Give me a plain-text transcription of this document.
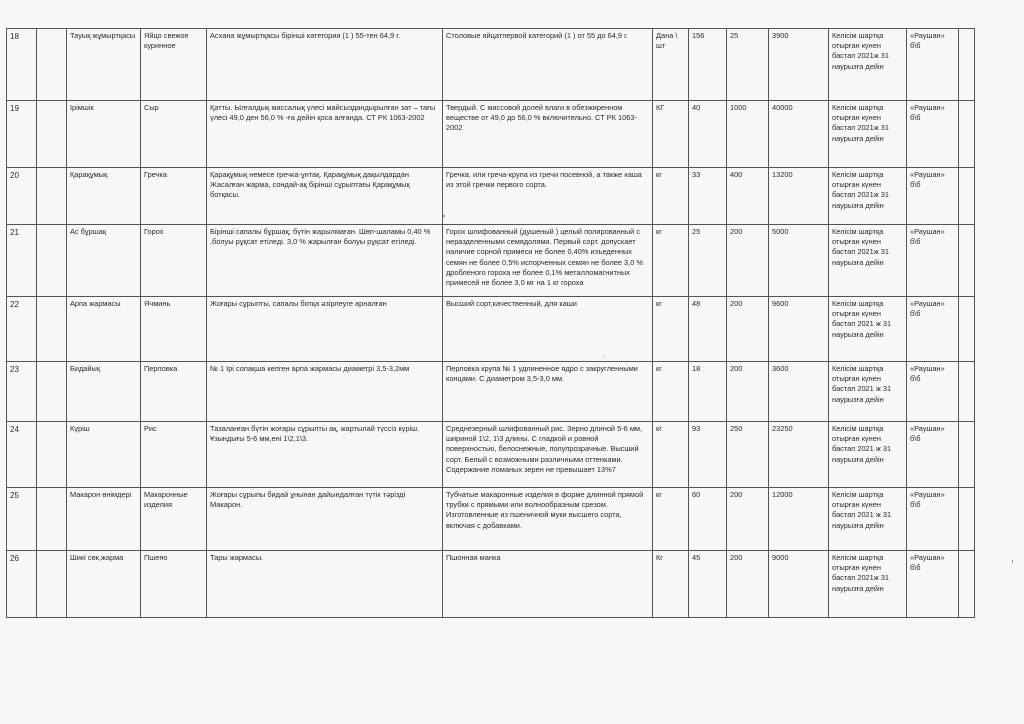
18		Тауық жұмыртқасы	Яйцо свежое куринное	Асхана жұмыртқасы бірінші категория (1 ) 55-тен 64,9 г.	Столовые яйцатпервой категорий (1 ) от 55 до 64,9 г.	Дана \ шт	156	25	3900	Келісім шартқа отырған күнен бастап 2021ж 31 наурызға дейін	«Раушан» б\б	
19		Ірімшік	Сыр	Қатты. Ылғалдық массалық үлесі майсыздандырылған зат – тағы үлесі 49,0 ден 56,0 % -ға дейін қоса алғанда. СТ РК 1063-2002	Твердый. С массовой долей влаги в обезжиренном веществе от 49,0 до 56,0 % включительно. СТ РК 1063-2002	КГ	40	1000	40000	Келісім шартқа отырған күнен бастап 2021ж 31 наурызға дейін	«Раушан» б\б	
20		Қарақұмық	Гречка	Қарақұмық немесе гречка-ұнтақ. Қарақұмық дақылдардан Жасалған жарма, сондай-ақ бірінші сұрыптағы Қарақұмық ботқасы.	Гречка, или греча-крупа из гречи посевной, а также каша из этой гречки первого сорта.	кг	33	400	13200	Келісім шартқа отырған күнен бастап 2021ж 31 наурызға дейін	«Раушан» б\б	
21		Ас бұршақ	Горох	Бірінші сапалы бұршақ, бүтін жарылмаған. Шөп-шаламы 0,40 % ,болуы рұқсат етіледі. 3,0 % жарылған болуы рұқсат етіледі.	Горох шлифованный (душеный ) целый полированный с неразделенными семядолями. Первый сорт. допускает наличие сорной примеси не более 0,40% изъеденных семян не более 0,5% испорченных семян не более 3,0 % дробленого гороха не более 0,1% металломагнитных примесей не более 3,0 мг на 1 кг гороха	кг	25	200	5000	Келісім шартқа отырған күнен бастап 2021ж 31 наурызға дейін	«Раушан» б\б	
22		Арпа жармасы	Ячминь	Жоғары сұрыпты, сапалы ботқа әзірлеуге арналған	Высший сорт,качественный, для каши	кг	48	200	9600	Келісім шартқа отырған күнен бастап 2021 ж 31 наурызға дейін	«Раушан» б\б	
23		Бидайық	Перловка	№ 1 Ірі сопақша келген арпа жармасы диаметрі 3,5-3,2мм	Перловка крупа № 1 удлиненное ядро с закругленными концами. С диаметром 3,5-3,0 мм.	кг	18	200	3600	Келісім шартқа отырған күнен бастап 2021 ж 31 наурызға дейін	«Раушан» б\б	
24		Күріш	Рис	Тазаланған бүтін жоғары сұрыпты ақ, жартылай түссіз күріш. Ұзындығы 5-6 мм,ені 1\2,1\3.	Среднезерный шлифованный рис. Зерно длиной 5-6 мм, шириной 1\2, 1\3 длины. С гладкой и ровной поверхностью, белоснежные, полупрозрачные. Высший сорт. Белый с возможными различными оттенками. Содержание ломаных зерен не превышает 13%7	кг	93	250	23250	Келісім шартқа отырған күнен бастап 2021 ж 31 наурызға дейін	«Раушан» б\б	
25		Макарон өнімдері	Макаронные изделия	Жоғары сұрыпы бидай ұнынан дайындалған түтік тәрізді Макарон.	Тубчатые макаронные изделия в форме длинной прямой трубки с прямыми или волнообразным срезом. Изготовленные из пшеничной муки высшего сорта, включая с добавками.	кг	60	200	12000	Келісім шартқа отырған күнен бастап 2021 ж 31 наурызға дейін	«Раушан» б\б	
26		Шикі сөк,жарма	Пшено	Тары жармасы.	Пшонная манка	Кг	45	200	9000	Келісім шартқа отырған күнен бастап 2021ж 31 наурызға дейін	«Раушан» б\б	
